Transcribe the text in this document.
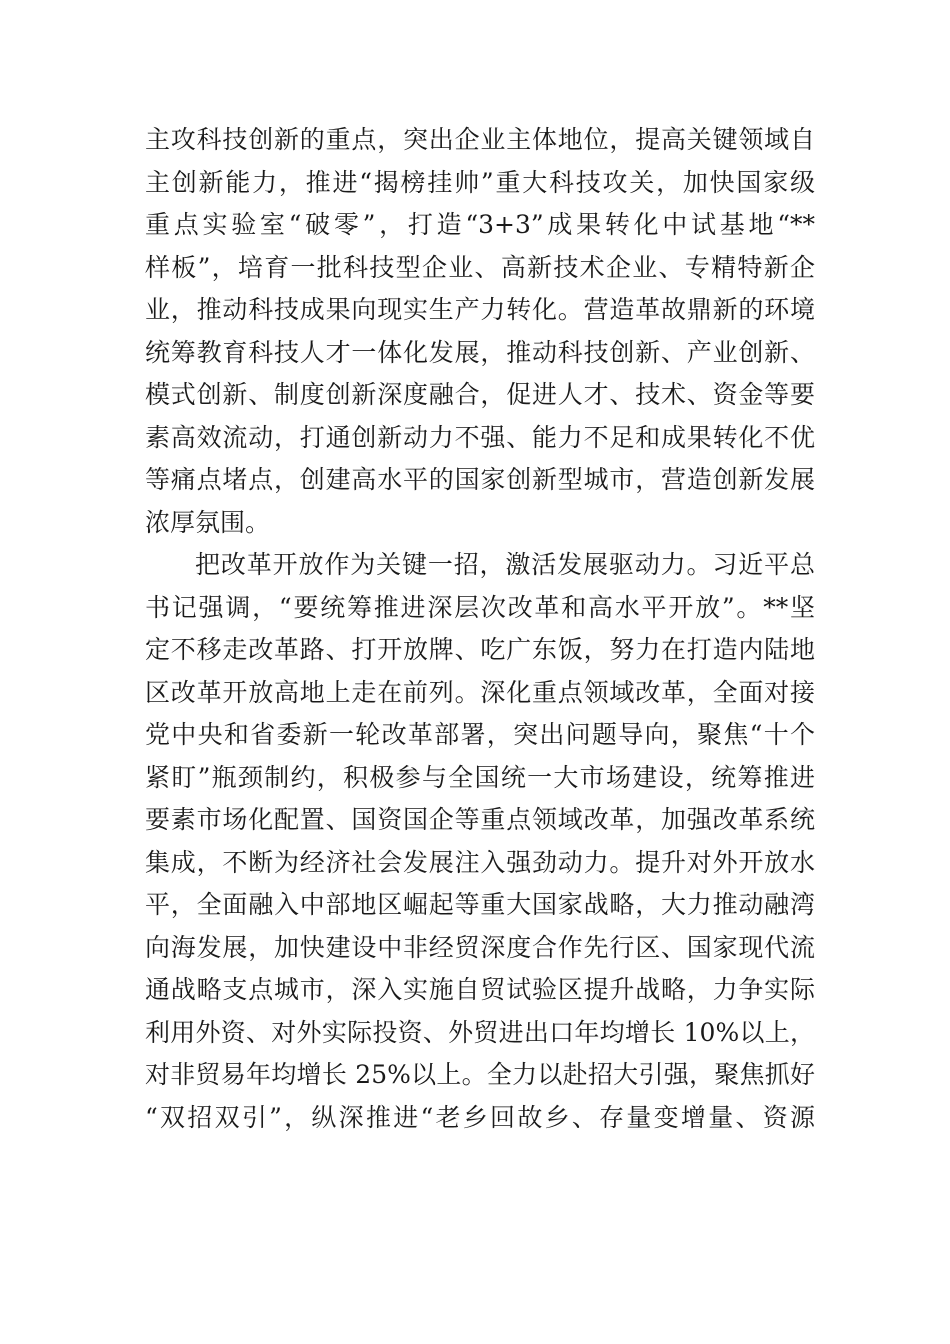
主攻科技创新的重点，突出企业主体地位，提高关键领域自
主创新能力，推进“揭榜挂帅”重大科技攻关，加快国家级
重点实验室“破零”，打造“3+3”成果转化中试基地“**
样板”，培育一批科技型企业、高新技术企业、专精特新企
业，推动科技成果向现实生产力转化。营造革故鼎新的环境
统筹教育科技人才一体化发展，推动科技创新、产业创新、
模式创新、制度创新深度融合，促进人才、技术、资金等要
素高效流动，打通创新动力不强、能力不足和成果转化不优
等痛点堵点，创建高水平的国家创新型城市，营造创新发展
浓厚氛围。
把改革开放作为关键一招，激活发展驱动力。习近平总
书记强调，“要统筹推进深层次改革和高水平开放”。**坚
定不移走改革路、打开放牌、吃广东饭，努力在打造内陆地
区改革开放高地上走在前列。深化重点领域改革，全面对接
党中央和省委新一轮改革部署，突出问题导向，聚焦“十个
紧盯”瓶颈制约，积极参与全国统一大市场建设，统筹推进
要素市场化配置、国资国企等重点领域改革，加强改革系统
集成，不断为经济社会发展注入强劲动力。提升对外开放水
平，全面融入中部地区崛起等重大国家战略，大力推动融湾
向海发展，加快建设中非经贸深度合作先行区、国家现代流
通战略支点城市，深入实施自贸试验区提升战略，力争实际
利用外资、对外实际投资、外贸进出口年均增长 10%以上，
对非贸易年均增长 25%以上。全力以赴招大引强，聚焦抓好
“双招双引”，纵深推进“老乡回故乡、存量变增量、资源
